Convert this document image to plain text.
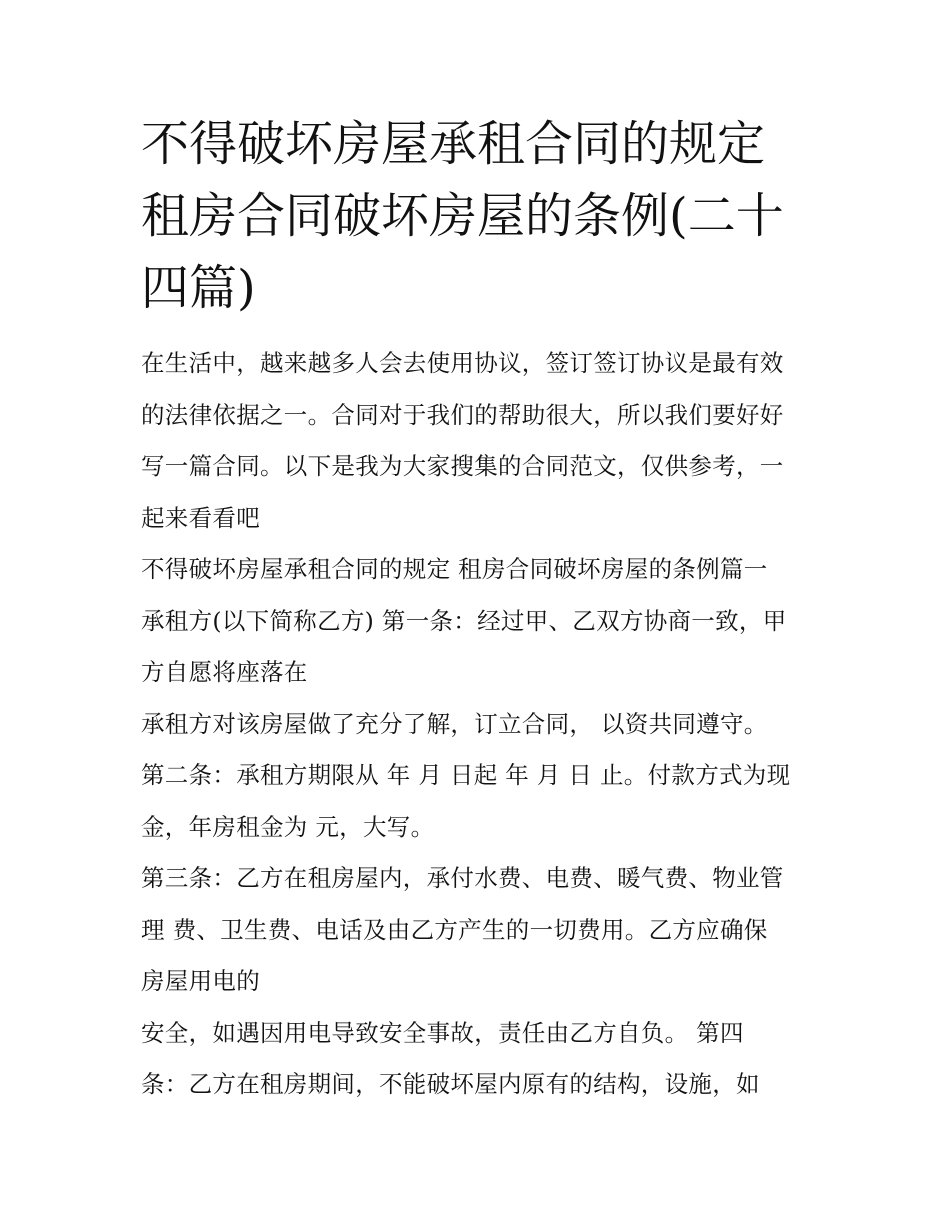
不得破坏房屋承租合同的规定
租房合同破坏房屋的条例(二十
四篇)

在生活中，越来越多人会去使用协议，签订签订协议是最有效
的法律依据之一。合同对于我们的帮助很大，所以我们要好好
写一篇合同。以下是我为大家搜集的合同范文，仅供参考，一
起来看看吧

不得破坏房屋承租合同的规定 租房合同破坏房屋的条例篇一

承租方(以下简称乙方) 第一条：经过甲、乙双方协商一致，甲
方自愿将座落在

承租方对该房屋做了充分了解，订立合同， 以资共同遵守。

第二条：承租方期限从 年 月 日起 年 月 日 止。付款方式为现
金，年房租金为 元，大写。

第三条：乙方在租房屋内，承付水费、电费、暖气费、物业管
理 费、卫生费、电话及由乙方产生的一切费用。乙方应确保
房屋用电的

安全，如遇因用电导致安全事故，责任由乙方自负。 第四
条：乙方在租房期间，不能破坏屋内原有的结构，设施，如
